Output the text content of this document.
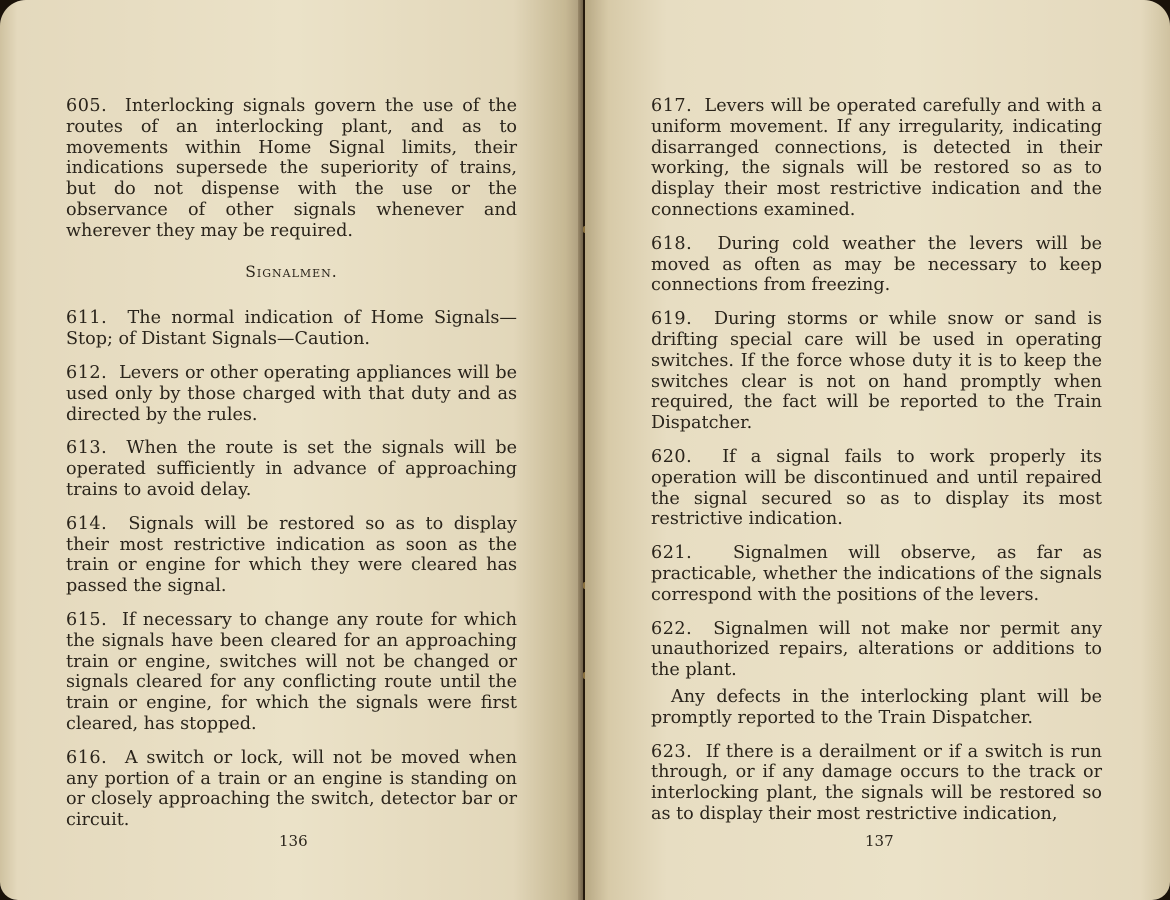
605. Interlocking signals govern the use of the routes of an interlocking plant, and as to movements within Home Signal limits, their indications supersede the superiority of trains, but do not dispense with the use or the observance of other signals whenever and wherever they may be required.

Signalmen.

611. The normal indication of Home Signals—Stop; of Distant Signals—Caution.

612. Levers or other operating appliances will be used only by those charged with that duty and as directed by the rules.

613. When the route is set the signals will be operated sufficiently in advance of approaching trains to avoid delay.

614. Signals will be restored so as to display their most restrictive indication as soon as the train or engine for which they were cleared has passed the signal.

615. If necessary to change any route for which the signals have been cleared for an approaching train or engine, switches will not be changed or signals cleared for any conflicting route until the train or engine, for which the signals were first cleared, has stopped.

616. A switch or lock, will not be moved when any portion of a train or an engine is standing on or closely approaching the switch, detector bar or circuit.

136

617. Levers will be operated carefully and with a uniform movement. If any irregularity, indicating disarranged connections, is detected in their working, the signals will be restored so as to display their most restrictive indication and the connections examined.

618. During cold weather the levers will be moved as often as may be necessary to keep connections from freezing.

619. During storms or while snow or sand is drifting special care will be used in operating switches. If the force whose duty it is to keep the switches clear is not on hand promptly when required, the fact will be reported to the Train Dispatcher.

620. If a signal fails to work properly its operation will be discontinued and until repaired the signal secured so as to display its most restrictive indication.

621. Signalmen will observe, as far as practicable, whether the indications of the signals correspond with the positions of the levers.

622. Signalmen will not make nor permit any unauthorized repairs, alterations or additions to the plant.

Any defects in the interlocking plant will be promptly reported to the Train Dispatcher.

623. If there is a derailment or if a switch is run through, or if any damage occurs to the track or interlocking plant, the signals will be restored so as to display their most restrictive indication,

137
